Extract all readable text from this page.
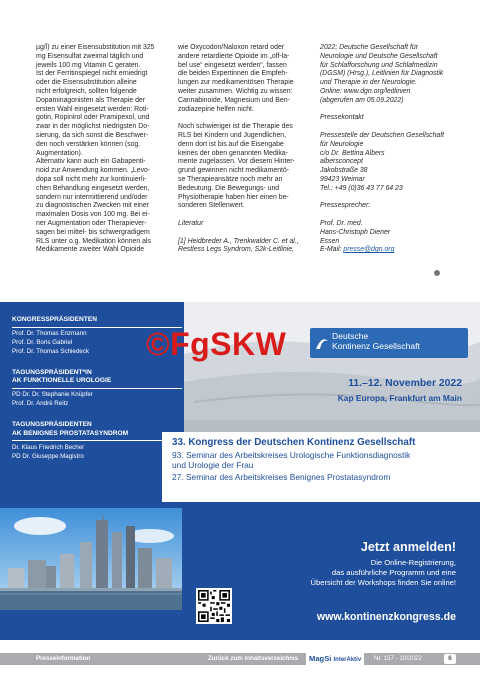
µg/l) zu einer Eisensubstitution mit 325
mg Eisensulfat zweimal täglich und
jeweils 100 mg Vitamin C geraten.
Ist der Ferritinspiegel nicht erniedrigt
oder die Eisensubstitution alleine
nicht erfolgreich, sollten folgende
Dopaminagonisten als Therapie der
ersten Wahl eingesetzt werden: Roti-
gotin, Ropinirol oder Pramipexol, und
zwar in der möglichst niedrigsten Do-
sierung, da sich sonst die Beschwer-
den noch verstärken können (sog.
Augmentation).
Alternativ kann auch ein Gabapenti-
noid zur Anwendung kommen. „Levo-
dopa soll nicht mehr zur kontinuierli-
chen Behandlung eingesetzt werden,
sondern nur intermittierend und/oder
zu diagnostischen Zwecken mit einer
maximalen Dosis von 100 mg. Bei ei-
ner Augmentation oder Therapiever-
sagen bei mittel- bis schwergradigem
RLS unter o.g. Medikation können als
Medikamente zweiter Wahl Opioide

wie Oxycodon/Naloxon retard oder
andere retardierte Opioide im „off-la-
bel use“ eingesetzt werden“, fassen
die beiden Expertinnen die Empfeh-
lungen zur medikamentösen Therapie
weiter zusammen. Wichtig zu wissen:
Cannabinoide, Magnesium und Ben-
zodiazepine helfen nicht.

Noch schwieriger ist die Therapie des
RLS bei Kindern und Jugendlichen,
denn dort ist bis auf die Eisengabe
keines der oben genannten Medika-
mente zugelassen. Vor diesem Hinter-
grund gewinnen nicht medikamentö-
se Therapieansätze noch mehr an
Bedeutung. Die Bewegungs- und
Physiotherapie haben hier einen be-
sonderen Stellenwert.

Literatur

[1] Heidbreder A., Trenkwalder C. et al.,
Restless Legs Syndrom, S2k-Leitlinie,

2022; Deutsche Gesellschaft für
Neurologie und Deutsche Gesellschaft
für Schlafforschung und Schlafmedizin
(DGSM) (Hrsg.), Leitlinien für Diagnostik
und Therapie in der Neurologie.
Online: www.dgn.org/leitlinien
(abgerufen am 05.09.2022)

Pressekontakt

Pressestelle der Deutschen Gesellschaft
für Neurologie
c/o Dr. Bettina Albers
albersconcept
Jakobstraße 38
99423 Weimar
Tel.: +49 (0)36 43 77 64 23

Pressesprecher:

Prof. Dr. med.
Hans-Christoph Diener
Essen

E-Mail: presse@dgn.org
KONGRESSPRÄSIDENTEN
Prof. Dr. Thomas Enzmann
Prof. Dr. Boris Gabriel
Prof. Dr. Thomas Schiedeck
TAGUNGSPRÄSIDENT*IN
AK FUNKTIONELLE UROLOGIE
PD Dr. Dr. Stephanie Knüpfer
Prof. Dr. André Reitz
TAGUNGSPRÄSIDENTEN
AK BENIGNES PROSTATASYNDROM
Dr. Klaus Friedrich Becher
PD Dr. Giuseppe Magistro
Deutsche
Kontinenz Gesellschaft
©FgSKW
11.–12. November 2022
Kap Europa, Frankfurt am Main
33. Kongress der Deutschen Kontinenz Gesellschaft
93. Seminar des Arbeitskreises Urologische Funktionsdiagnostik
und Urologie der Frau
27. Seminar des Arbeitskreises Benignes Prostatasyndrom
Jetzt anmelden!
Die Online-Registrierung,
das ausführliche Programm und eine
Übersicht der Workshops finden Sie online!
www.kontinenzkongress.de
Presseinformation	Zurück zum Inhaltsverzeichnis	MagSi InterAktiv	Nr. 157 - 10/2022	6
